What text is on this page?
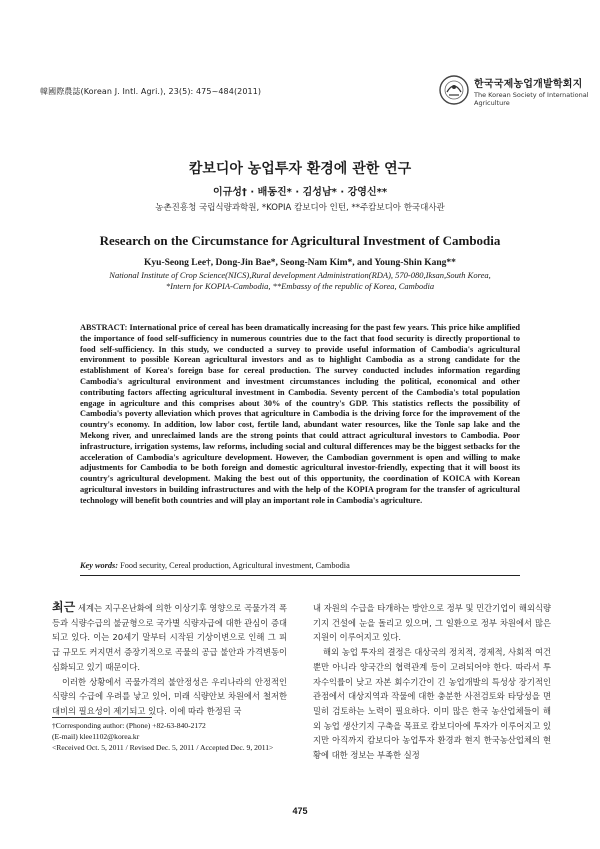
韓國際農誌(Korean J. Intl. Agri.), 23(5): 475~484(2011)
한국국제농업개발학회지
The Korean Society of International Agriculture
캄보디아 농업투자 환경에 관한 연구
이규성† · 배동진* · 김성남* · 강영신**
농촌진흥청 국립식량과학원, *KOPIA 캄보디아 인턴, **주캄보디아 한국대사관
Research on the Circumstance for Agricultural Investment of Cambodia
Kyu-Seong Lee†, Dong-Jin Bae*, Seong-Nam Kim*, and Young-Shin Kang**
National Institute of Crop Science(NICS),Rural development Administration(RDA), 570-080,Iksan,South Korea,
*Intern for KOPIA-Cambodia, **Embassy of the republic of Korea, Cambodia
ABSTRACT: International price of cereal has been dramatically increasing for the past few years. This price hike amplified the importance of food self-sufficiency in numerous countries due to the fact that food security is directly proportional to food self-sufficiency. In this study, we conducted a survey to provide useful information of Cambodia's agricultural environment to possible Korean agricultural investors and as to highlight Cambodia as a strong candidate for the establishment of Korea's foreign base for cereal production. The survey conducted includes information regarding Cambodia's agricultural environment and investment circumstances including the political, economical and other contributing factors affecting agricultural investment in Cambodia. Seventy percent of the Cambodia's total population engage in agriculture and this comprises about 30% of the country's GDP. This statistics reflects the possibility of Cambodia's poverty alleviation which proves that agriculture in Cambodia is the driving force for the improvement of the country's economy. In addition, low labor cost, fertile land, abundant water resources, like the Tonle sap lake and the Mekong river, and unreclaimed lands are the strong points that could attract agricultural investors to Cambodia. Poor infrastructure, irrigation systems, law reforms, including social and cultural differences may be the biggest setbacks for the acceleration of Cambodia's agriculture development. However, the Cambodian government is open and willing to make adjustments for Cambodia to be both foreign and domestic agricultural investor-friendly, expecting that it will boost its country's agricultural development. Making the best out of this opportunity, the coordination of KOICA with Korean agricultural investors in building infrastructures and with the help of the KOPIA program for the transfer of agricultural technology will benefit both countries and will play an important role in Cambodia's agriculture.
Key words: Food security, Cereal production, Agricultural investment, Cambodia

최근 세계는 지구온난화에 의한 이상기후 영향으로 곡물가격 폭등과 식량수급의 불균형으로 국가별 식량자급에 대한 관심이 증대되고 있다. 이는 20세기 말부터 시작된 기상이변으로 인해 그 피급 규모도 커지면서 증장기적으로 곡물의 공급 불안과 가격변동이 심화되고 있기 때문이다.

이러한 상황에서 곡물가격의 불안정성은 우리나라의 안정적인 식량의 수급에 우려를 낳고 있어, 미래 식량안보 차원에서 철저한 대비의 필요성이 제기되고 있다. 이에 따라 한정된 국

내 자원의 수급을 타개하는 방안으로 정부 및 민간기업이 해외식량기지 건설에 눈을 돌리고 있으며, 그 일환으로 정부 차원에서 많은 지원이 이루어지고 있다.

해외 농업 투자의 결정은 대상국의 정치적, 경제적, 사회적 여건뿐만 아니라 양국간의 협력관계 등이 고려되어야 한다. 따라서 투자수익률이 낮고 자본 회수기간이 긴 농업개발의 특성상 장기적인 관점에서 대상지역과 작물에 대한 충분한 사전검토와 타당성을 면밀히 검토하는 노력이 필요하다. 이미 많은 한국 농산업체들이 해외 농업 생산기지 구축을 목표로 캄보디아에 투자가 이루어지고 있지만 아직까지 캄보디아 농업투자 환경과 현지 한국농산업체의 현황에 대한 정보는 부족한 실정

†Corresponding author: (Phone) +82-63-840-2172
(E-mail) klee1102@korea.kr
<Received Oct. 5, 2011 / Revised Dec. 5, 2011 / Accepted Dec. 9, 2011>
475
